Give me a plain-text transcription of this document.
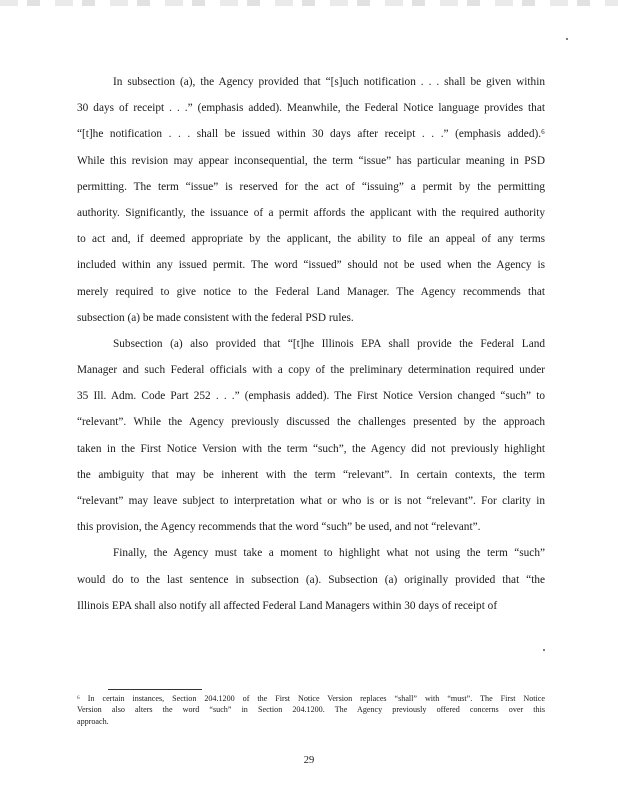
In subsection (a), the Agency provided that “[s]uch notification . . . shall be given within
30 days of receipt . . .” (emphasis added). Meanwhile, the Federal Notice language provides that
“[t]he notification . . . shall be issued within 30 days after receipt . . .” (emphasis added).⁶
While this revision may appear inconsequential, the term “issue” has particular meaning in PSD
permitting. The term “issue” is reserved for the act of “issuing” a permit by the permitting
authority. Significantly, the issuance of a permit affords the applicant with the required authority
to act and, if deemed appropriate by the applicant, the ability to file an appeal of any terms
included within any issued permit. The word “issued” should not be used when the Agency is
merely required to give notice to the Federal Land Manager. The Agency recommends that
subsection (a) be made consistent with the federal PSD rules.
Subsection (a) also provided that “[t]he Illinois EPA shall provide the Federal Land
Manager and such Federal officials with a copy of the preliminary determination required under
35 Ill. Adm. Code Part 252 . . .” (emphasis added). The First Notice Version changed “such” to
“relevant”. While the Agency previously discussed the challenges presented by the approach
taken in the First Notice Version with the term “such”, the Agency did not previously highlight
the ambiguity that may be inherent with the term “relevant”. In certain contexts, the term
“relevant” may leave subject to interpretation what or who is or is not “relevant”. For clarity in
this provision, the Agency recommends that the word “such” be used, and not “relevant”.
Finally, the Agency must take a moment to highlight what not using the term “such”
would do to the last sentence in subsection (a). Subsection (a) originally provided that “the
Illinois EPA shall also notify all affected Federal Land Managers within 30 days of receipt of
⁶ In certain instances, Section 204.1200 of the First Notice Version replaces “shall” with “must”. The First Notice
Version also alters the word “such” in Section 204.1200. The Agency previously offered concerns over this
approach.
29
